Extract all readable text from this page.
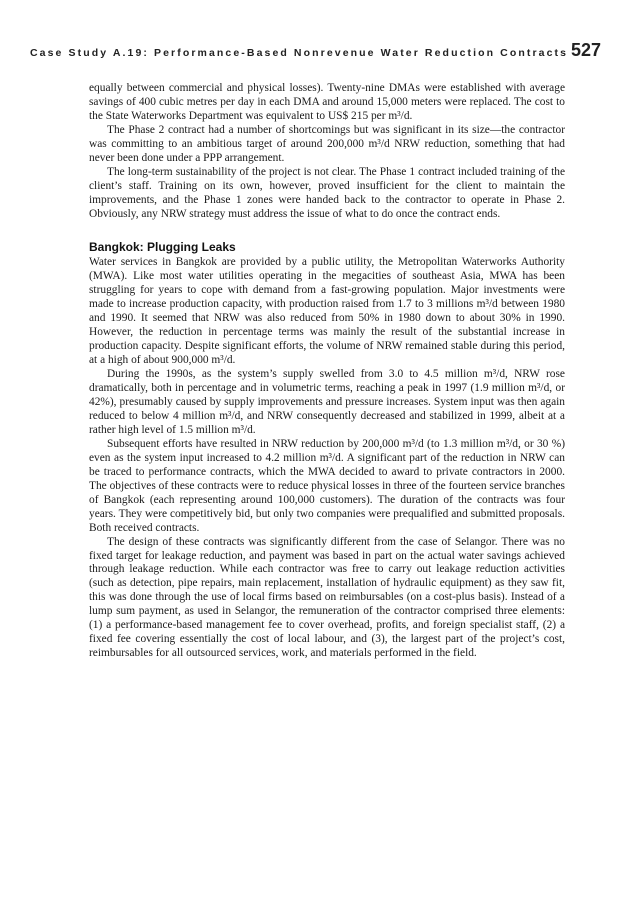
Case Study A.19: Performance-Based Nonrevenue Water Reduction Contracts 527

equally between commercial and physical losses). Twenty-nine DMAs were established with average savings of 400 cubic metres per day in each DMA and around 15,000 meters were replaced. The cost to the State Waterworks Department was equivalent to US$ 215 per m³/d.

The Phase 2 contract had a number of shortcomings but was significant in its size—the contractor was committing to an ambitious target of around 200,000 m³/d NRW reduction, something that had never been done under a PPP arrangement.

The long-term sustainability of the project is not clear. The Phase 1 contract included training of the client’s staff. Training on its own, however, proved insufficient for the client to maintain the improvements, and the Phase 1 zones were handed back to the contractor to operate in Phase 2. Obviously, any NRW strategy must address the issue of what to do once the contract ends.

Bangkok: Plugging Leaks

Water services in Bangkok are provided by a public utility, the Metropolitan Waterworks Authority (MWA). Like most water utilities operating in the megacities of southeast Asia, MWA has been struggling for years to cope with demand from a fast-growing population. Major investments were made to increase production capacity, with production raised from 1.7 to 3 millions m³/d between 1980 and 1990. It seemed that NRW was also reduced from 50% in 1980 down to about 30% in 1990. However, the reduction in percentage terms was mainly the result of the substantial increase in production capacity. Despite significant efforts, the volume of NRW remained stable during this period, at a high of about 900,000 m³/d.

During the 1990s, as the system’s supply swelled from 3.0 to 4.5 million m³/d, NRW rose dramatically, both in percentage and in volumetric terms, reaching a peak in 1997 (1.9 million m³/d, or 42%), presumably caused by supply improvements and pressure increases. System input was then again reduced to below 4 million m³/d, and NRW consequently decreased and stabilized in 1999, albeit at a rather high level of 1.5 million m³/d.

Subsequent efforts have resulted in NRW reduction by 200,000 m³/d (to 1.3 million m³/d, or 30 %) even as the system input increased to 4.2 million m³/d. A significant part of the reduction in NRW can be traced to performance contracts, which the MWA decided to award to private contractors in 2000. The objectives of these contracts were to reduce physical losses in three of the fourteen service branches of Bangkok (each representing around 100,000 customers). The duration of the contracts was four years. They were competitively bid, but only two companies were prequalified and submitted proposals. Both received contracts.

The design of these contracts was significantly different from the case of Selangor. There was no fixed target for leakage reduction, and payment was based in part on the actual water savings achieved through leakage reduction. While each contractor was free to carry out leakage reduction activities (such as detection, pipe repairs, main replacement, installation of hydraulic equipment) as they saw fit, this was done through the use of local firms based on reimbursables (on a cost-plus basis). Instead of a lump sum payment, as used in Selangor, the remuneration of the contractor comprised three elements: (1) a performance-based management fee to cover overhead, profits, and foreign specialist staff, (2) a fixed fee covering essentially the cost of local labour, and (3), the largest part of the project’s cost, reimbursables for all outsourced services, work, and materials performed in the field.
